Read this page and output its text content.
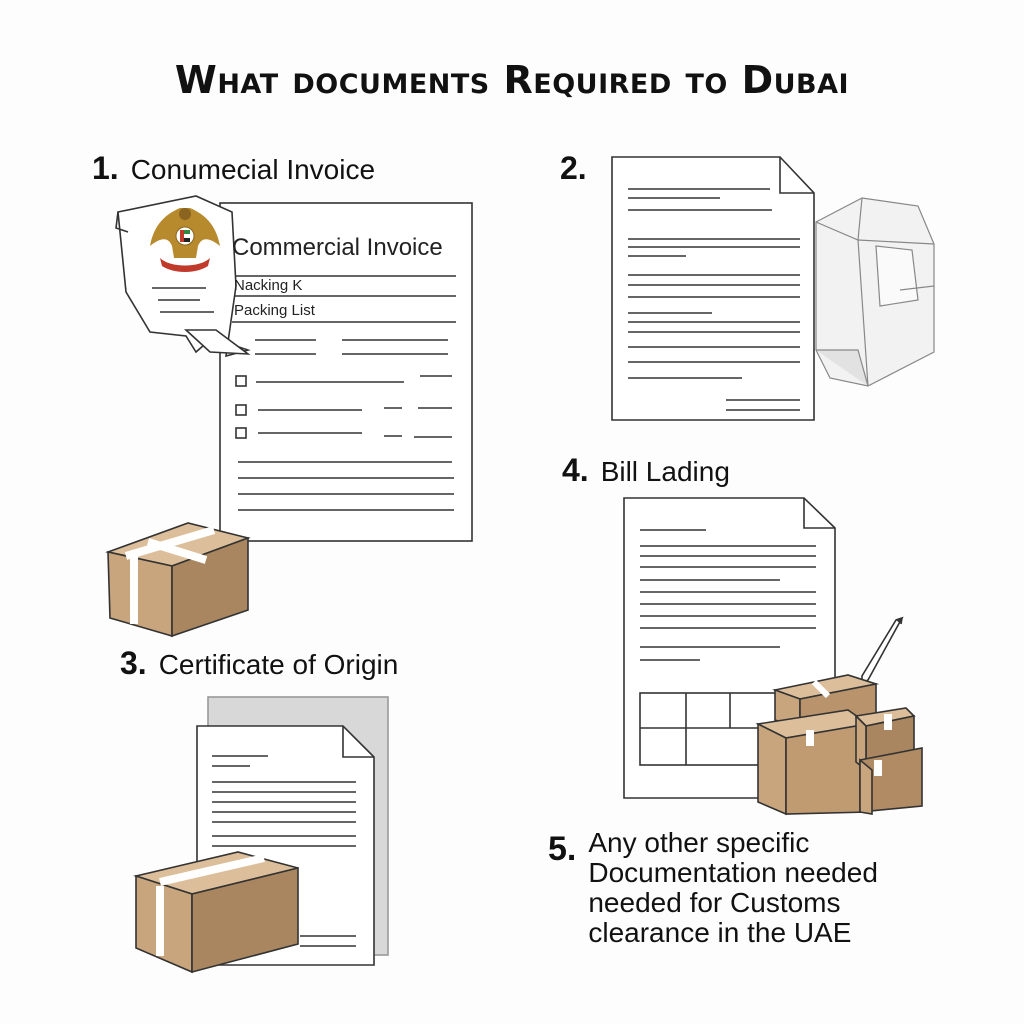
What documents Required to Dubai
1. Conumecial Invoice	2.
3. Certificate of Origin
4. Bill Lading
5. Any other specific
Documentation needed
needed for Customs
clearance in the UAE
Commercial Invoice
Nacking K
Packing List
